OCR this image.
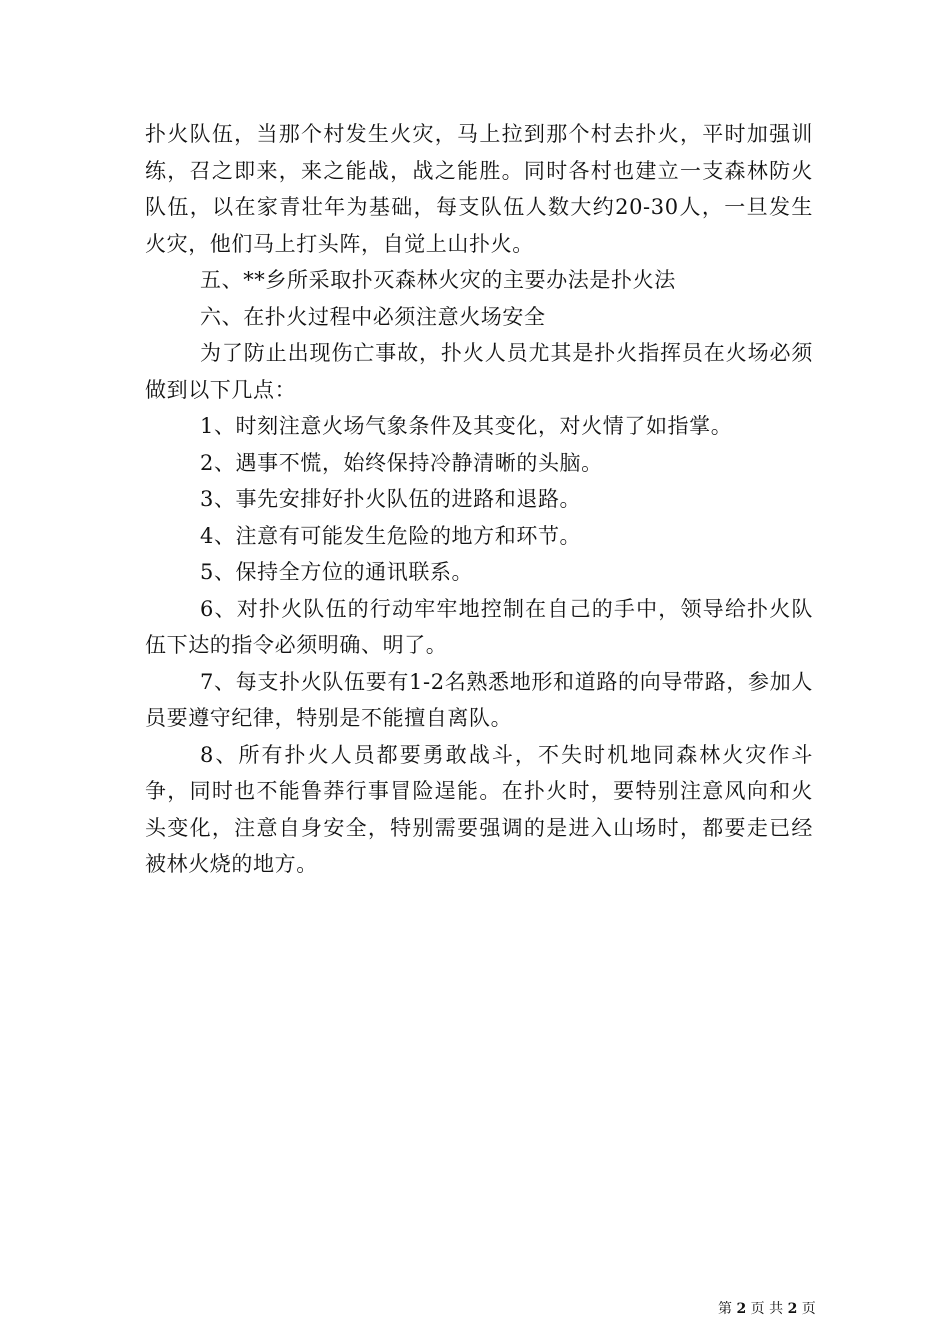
扑火队伍，当那个村发生火灾，马上拉到那个村去扑火，平时加强训练，召之即来，来之能战，战之能胜。同时各村也建立一支森林防火队伍，以在家青壮年为基础，每支队伍人数大约20-30人，一旦发生火灾，他们马上打头阵，自觉上山扑火。

五、**乡所采取扑灭森林火灾的主要办法是扑火法

六、在扑火过程中必须注意火场安全

为了防止出现伤亡事故，扑火人员尤其是扑火指挥员在火场必须做到以下几点：

1、时刻注意火场气象条件及其变化，对火情了如指掌。

2、遇事不慌，始终保持冷静清晰的头脑。

3、事先安排好扑火队伍的进路和退路。

4、注意有可能发生危险的地方和环节。

5、保持全方位的通讯联系。

6、对扑火队伍的行动牢牢地控制在自己的手中，领导给扑火队伍下达的指令必须明确、明了。

7、每支扑火队伍要有1-2名熟悉地形和道路的向导带路，参加人员要遵守纪律，特别是不能擅自离队。

8、所有扑火人员都要勇敢战斗，不失时机地同森林火灾作斗争，同时也不能鲁莽行事冒险逞能。在扑火时，要特别注意风向和火头变化，注意自身安全，特别需要强调的是进入山场时，都要走已经被林火烧的地方。

第 2 页 共 2 页
